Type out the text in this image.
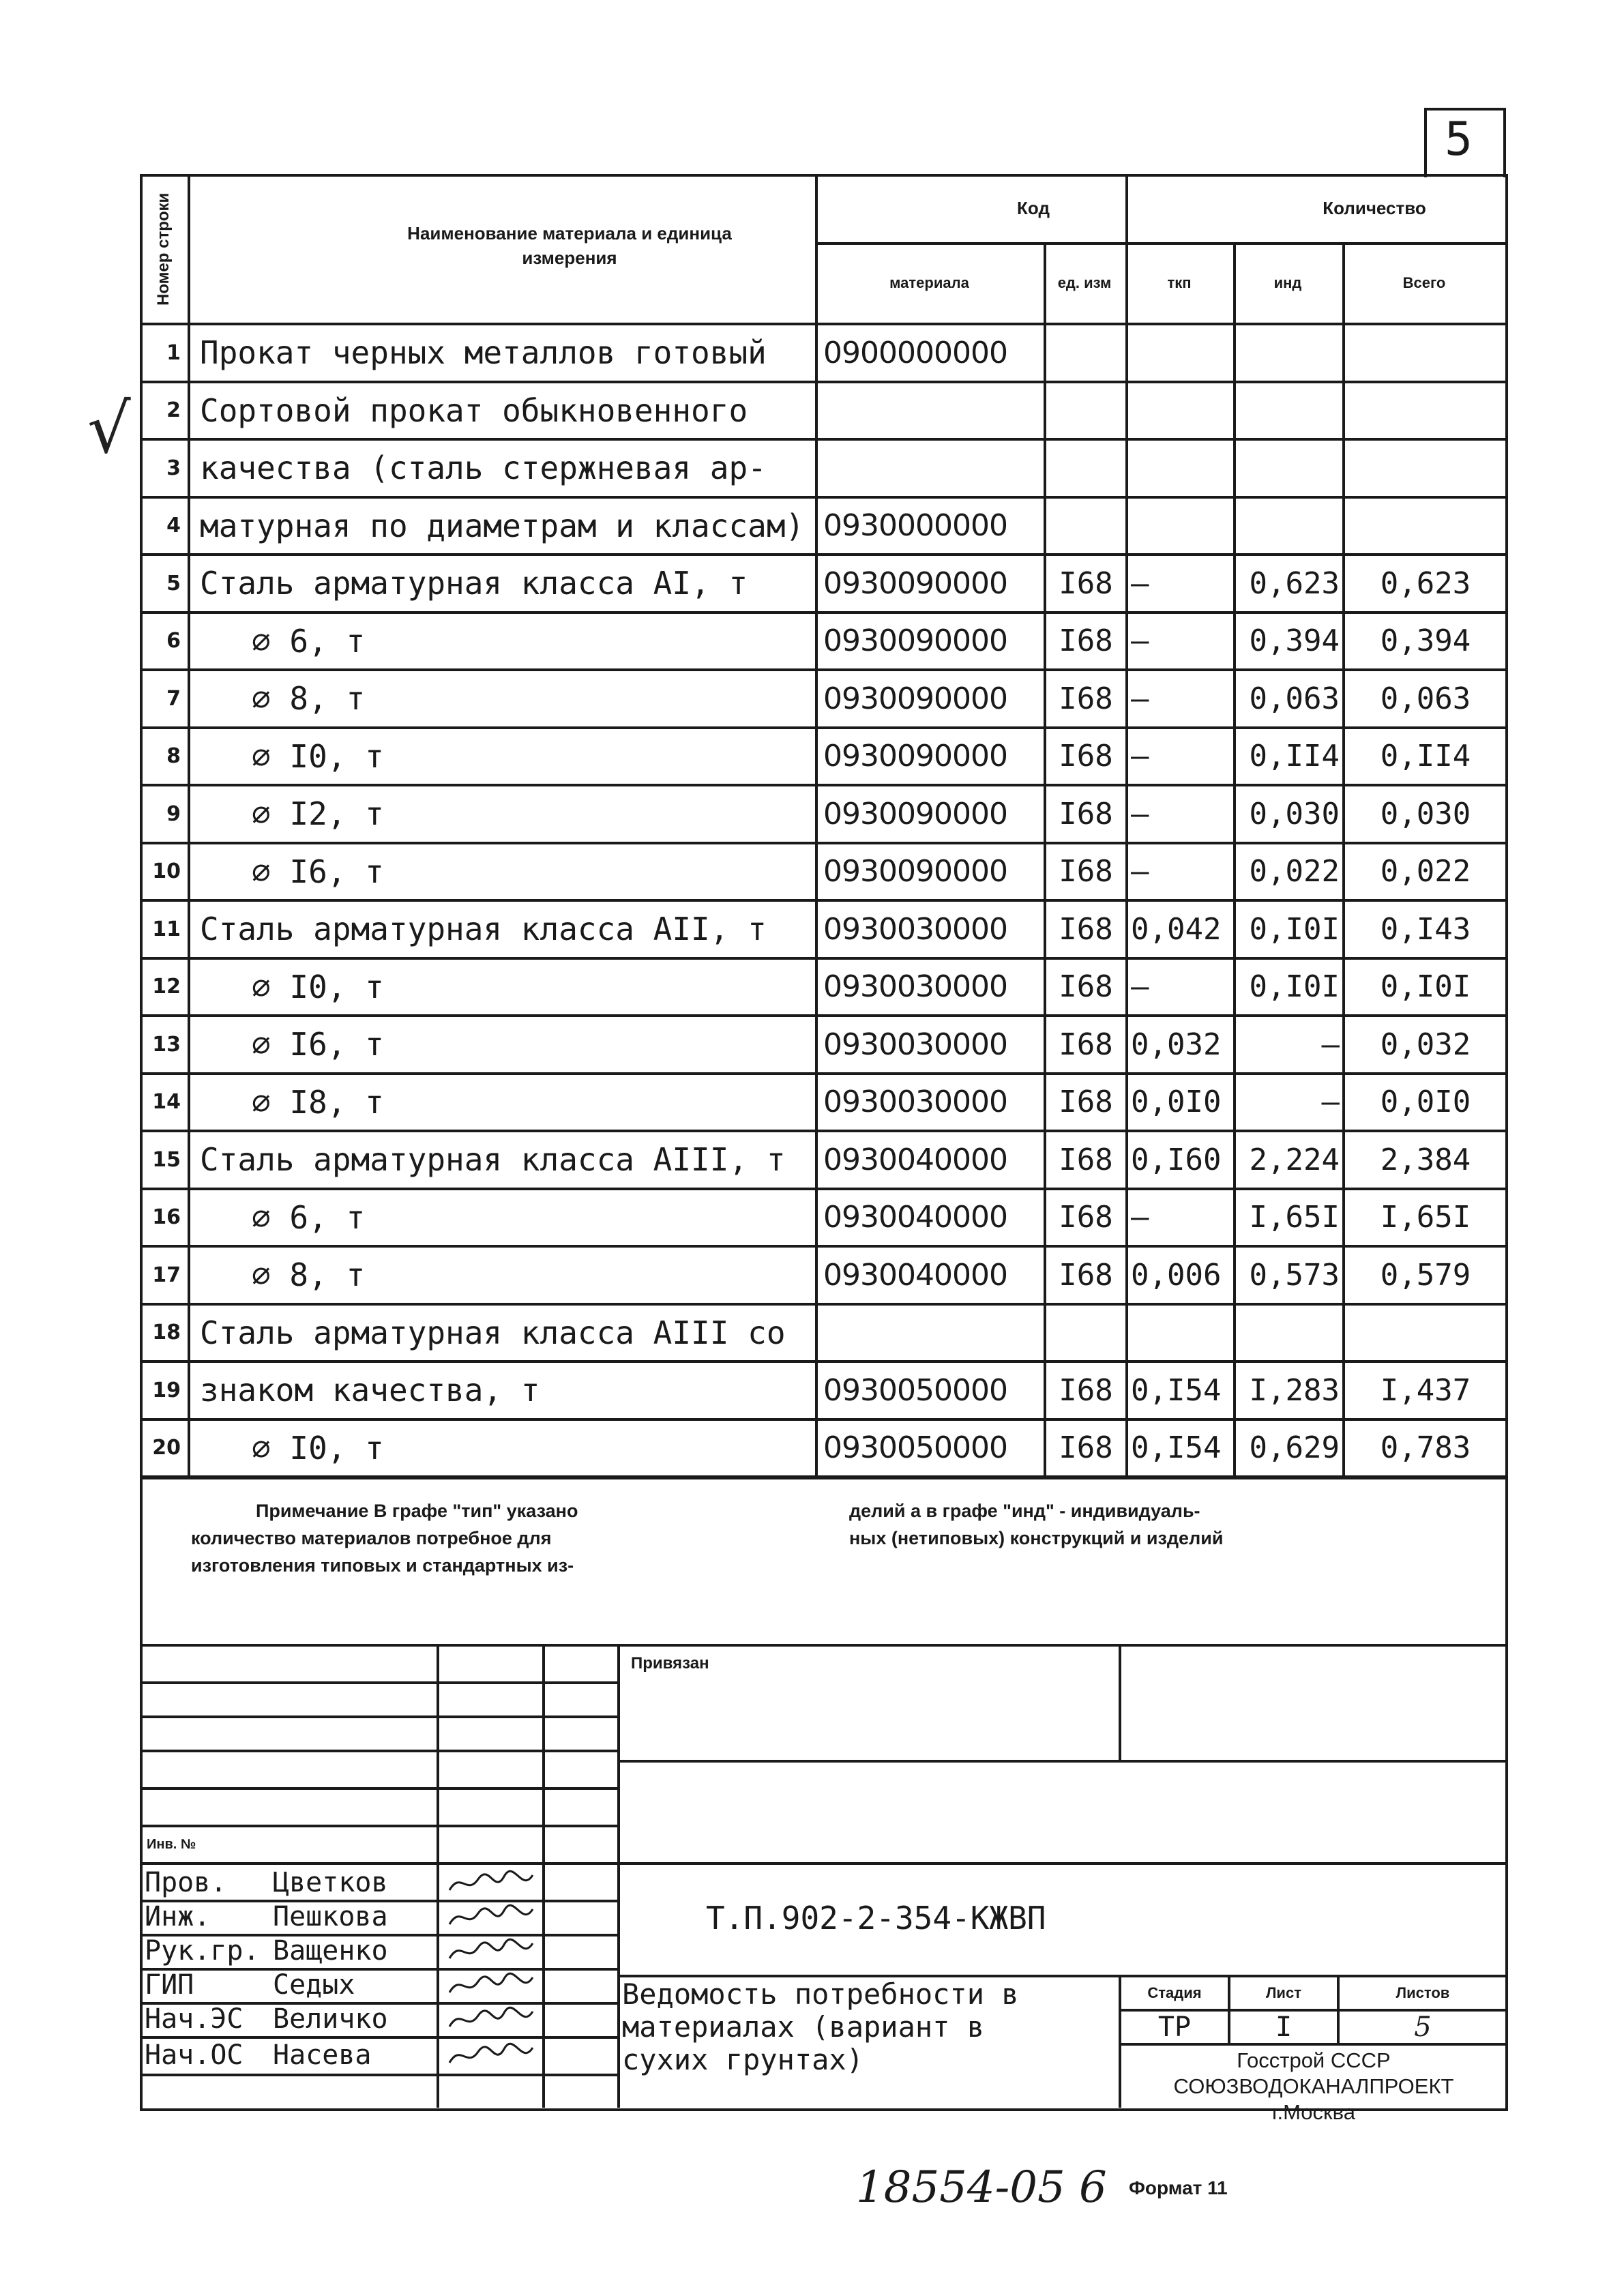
5
√
Номер строки	Наименование материала и единица измерения
Код	Количество
материала	ед. изм	ткп	инд	Всего
1 Прокат черных металлов готовый	0900000000
2 Сортовой прокат обыкновенного
3 качества (сталь стержневая ар-
4 матурная по диаметрам и классам) 0930000000
5 Сталь арматурная класса AI, т	0930090000	I68 –	0,623	0,623
6	∅ 6, т	0930090000	I68 –	0,394	0,394
7	∅ 8, т	0930090000	I68 –	0,063	0,063
8	∅ I0, т	0930090000	I68 –	0,II4	0,II4
9	∅ I2, т	0930090000	I68 –	0,030	0,030
10	∅ I6, т	0930090000	I68 –	0,022	0,022
11 Сталь арматурная класса АII, т	0930030000	I68 0,042 0,I0I	0,I43
12	∅ I0, т	0930030000	I68 –	0,I0I	0,I0I
13	∅ I6, т	0930030000	I68 0,032	–	0,032
14	∅ I8, т	0930030000	I68 0,0I0	–	0,0I0
15 Сталь арматурная класса АIII, т	0930040000	I68 0,I60 2,224	2,384
16	∅ 6, т	0930040000	I68 –	I,65I	I,65I
17	∅ 8, т	0930040000	I68 0,006 0,573	0,579
18 Сталь арматурная класса АIII со
19 знаком качества, т	0930050000	I68 0,I54 I,283	I,437
20	∅ I0, т	0930050000	I68 0,I54 0,629	0,783
Примечание В графе "тип" указано
количество материалов потребное для
изготовления типовых и стандартных из-
делий а в графе "инд" - индивидуаль-
ных (нетиповых) конструкций и изделий
Привязан
Инв. №
Пров. Цветков
Инж. Пешкова
Рук.гр. Ващенко
ГИП	Седых
Нач.ЭС Величко
Нач.ОС Насева
Т.П.902-2-354-КЖВП
Ведомость потребности в
материалах (вариант в
сухих грунтах)
Стадия	Лист	Листов
ТР	I	5
Госстрой СССР
СОЮЗВОДОКАНАЛПРОЕКТ
г.Москва
18554-05 6 Формат 11
